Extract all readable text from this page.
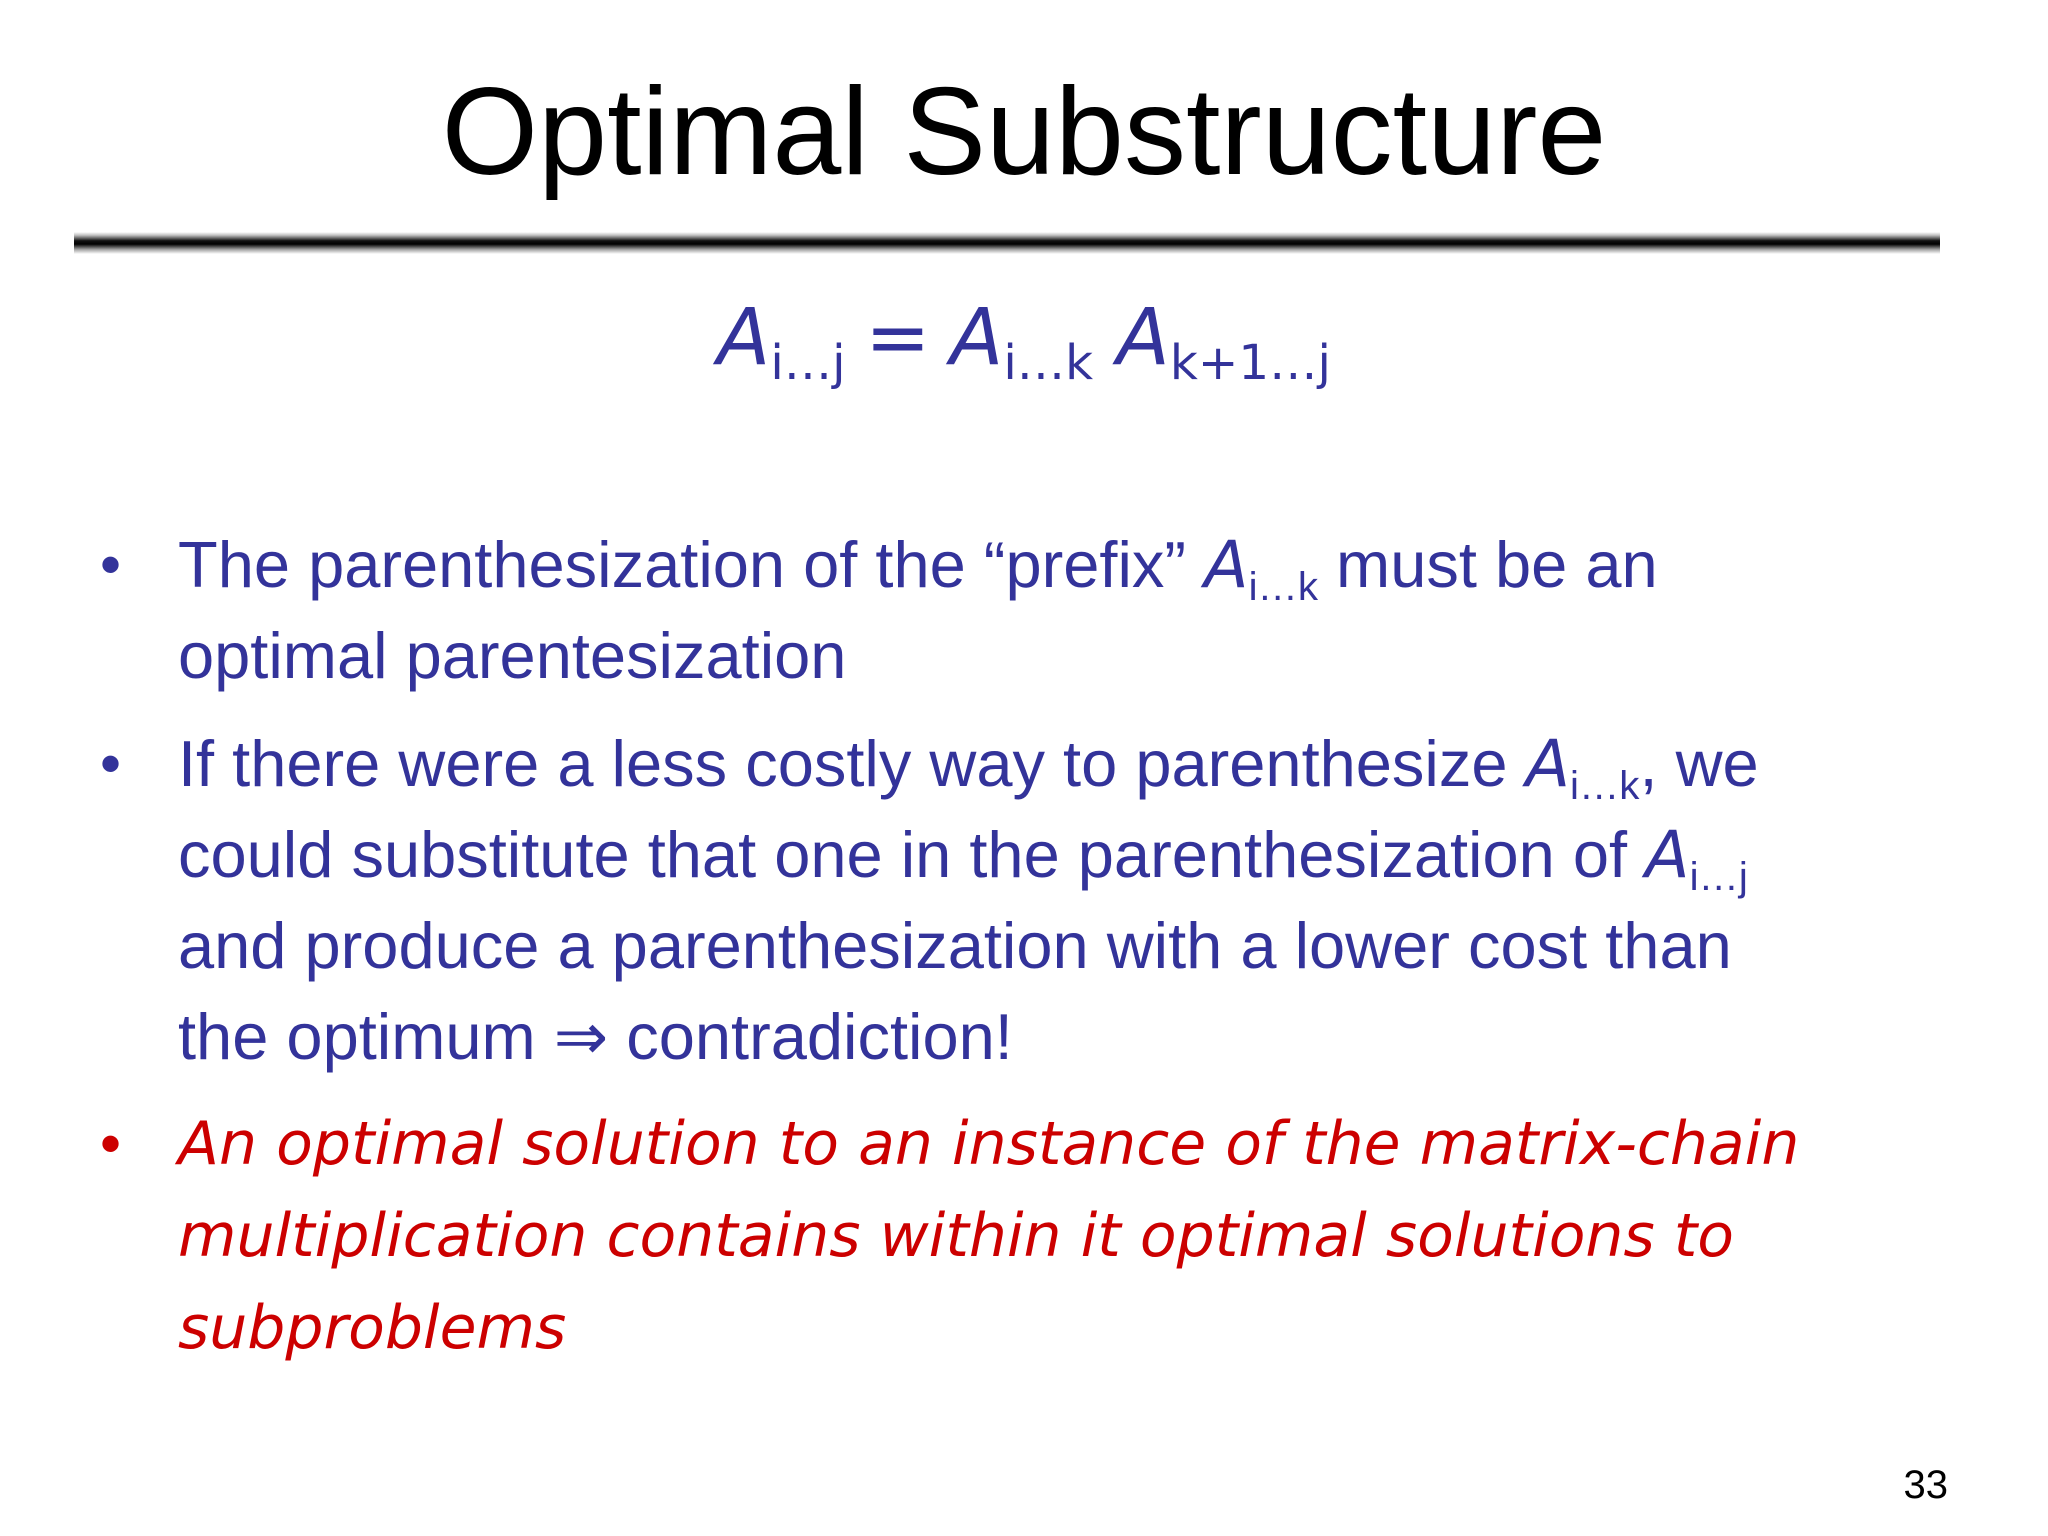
Optimal Substructure
Ai…j = Ai…k Ak+1…j
• The parenthesization of the “prefix” Ai…k must be an
optimal parentesization
• If there were a less costly way to parenthesize Ai…k, we
could substitute that one in the parenthesization of Ai…j
and produce a parenthesization with a lower cost than
the optimum ⇒ contradiction!
• An optimal solution to an instance of the matrix-chain
multiplication contains within it optimal solutions to
subproblems
33
